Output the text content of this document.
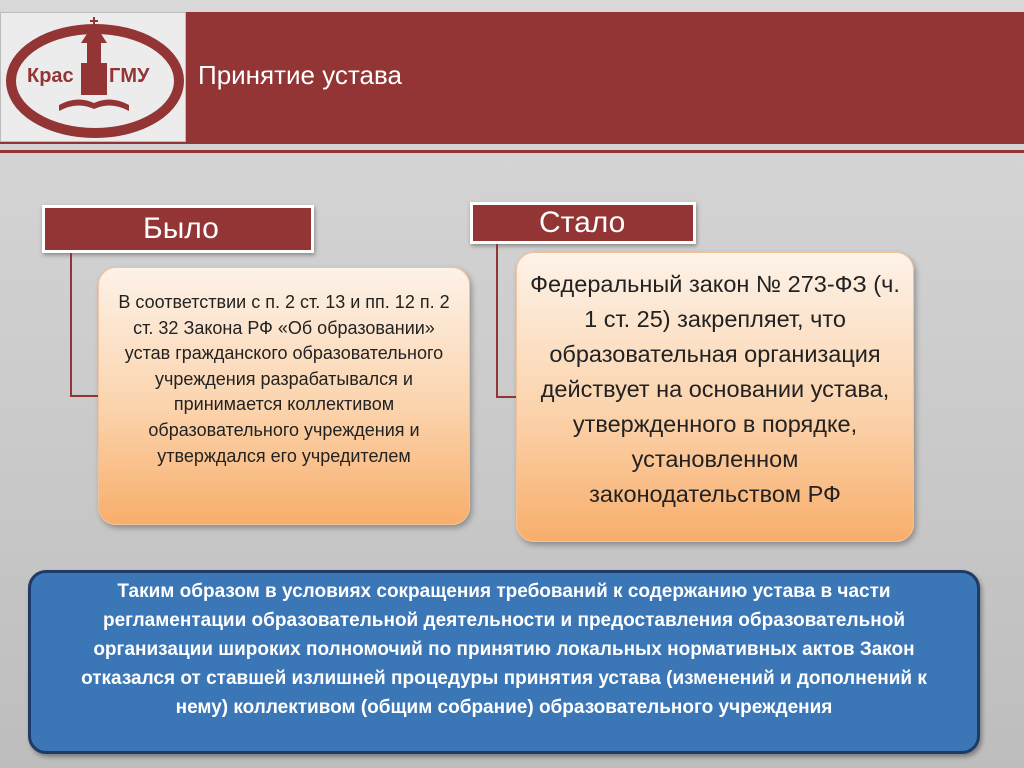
Крас ГМУ Принятие устава
Было
В соответствии с п. 2 ст. 13 и пп. 12 п. 2 ст. 32 Закона РФ «Об образовании» устав гражданского образовательного учреждения разрабатывался и принимается коллективом образовательного учреждения и утверждался его учредителем
Стало
Федеральный закон № 273-ФЗ (ч. 1 ст. 25) закрепляет, что образовательная организация действует на основании устава, утвержденного в порядке, установленном законодательством РФ
Таким образом в условиях сокращения требований к содержанию устава в части регламентации образовательной деятельности и предоставления образовательной организации широких полномочий по принятию локальных нормативных актов Закон отказался от ставшей излишней процедуры принятия устава (изменений и дополнений к нему) коллективом (общим собрание) образовательного учреждения
